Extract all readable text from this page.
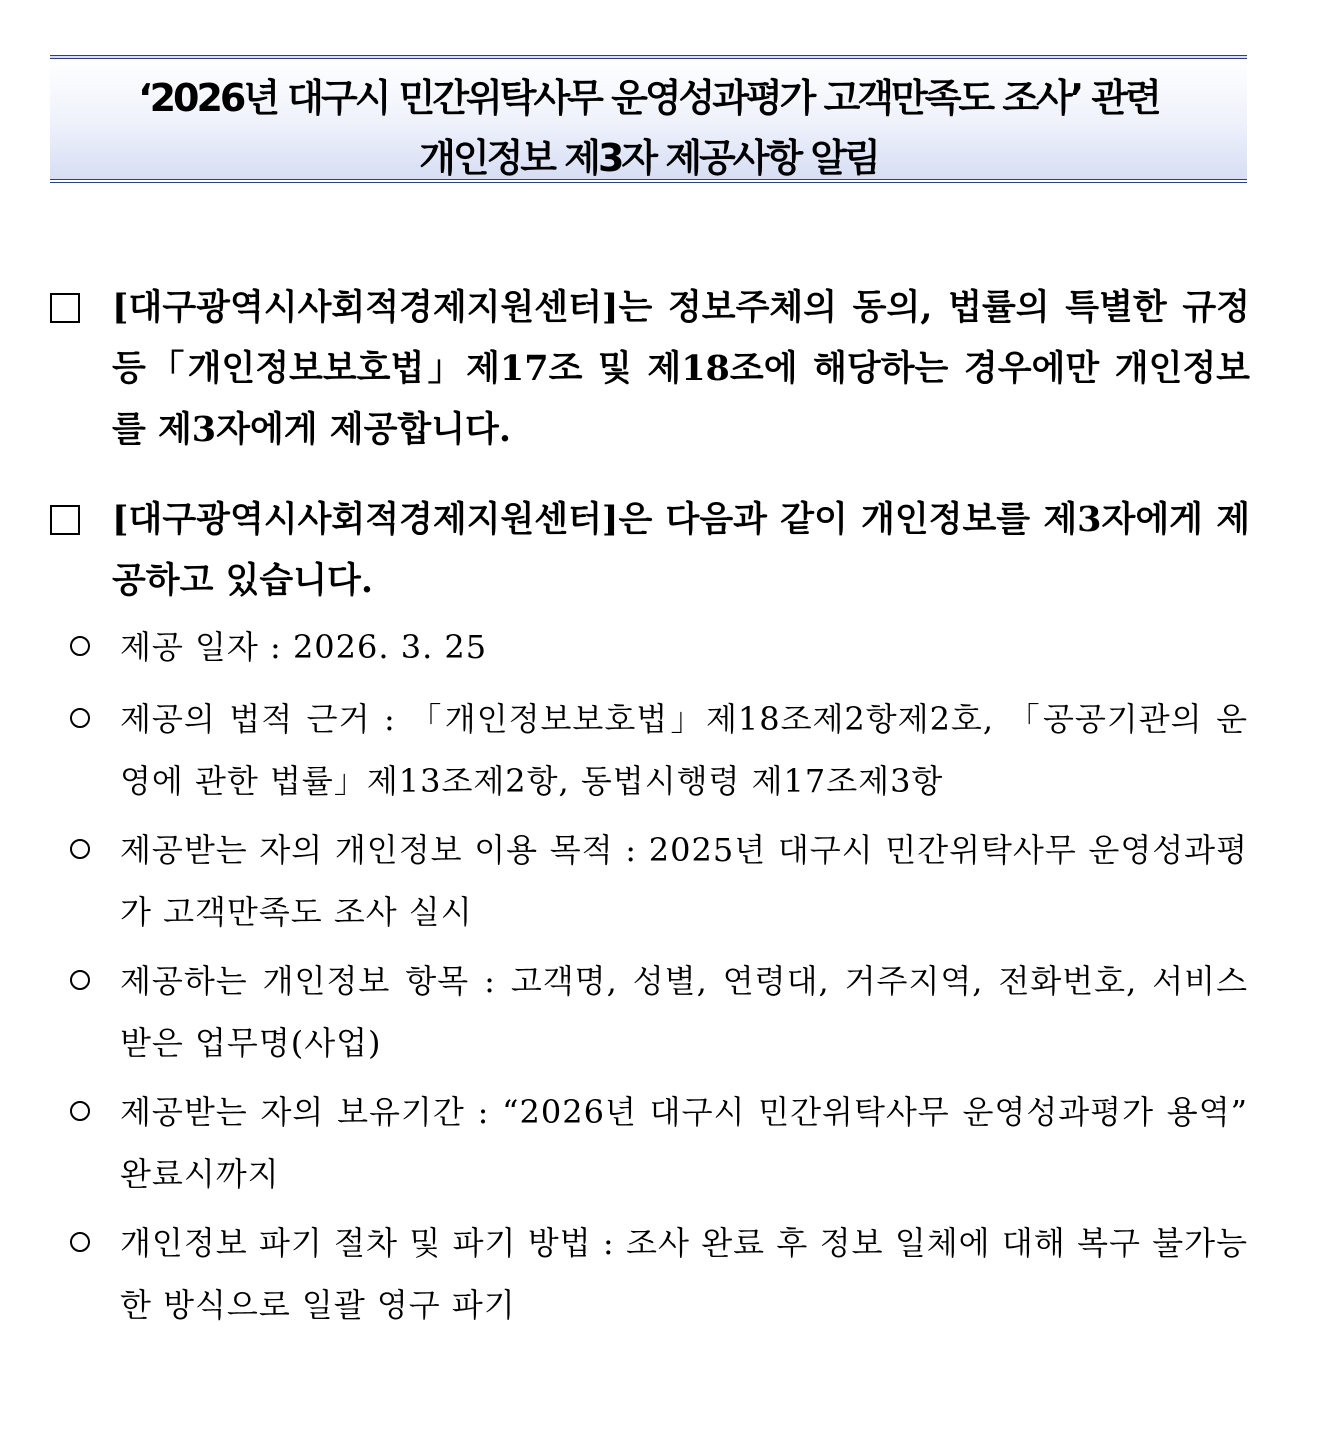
‘2026년 대구시 민간위탁사무 운영성과평가 고객만족도 조사’ 관련
개인정보 제3자 제공사항 알림
[대구광역시사회적경제지원센터]는 정보주체의 동의, 법률의 특별한 규정 등「개인정보보호법」제17조 및 제18조에 해당하는 경우에만 개인정보를 제3자에게 제공합니다.
[대구광역시사회적경제지원센터]은 다음과 같이 개인정보를 제3자에게 제공하고 있습니다.
제공 일자 : 2026. 3. 25
제공의 법적 근거 : 「개인정보보호법」제18조제2항제2호, 「공공기관의 운영에 관한 법률」제13조제2항, 동법시행령 제17조제3항
제공받는 자의 개인정보 이용 목적 : 2025년 대구시 민간위탁사무 운영성과평가 고객만족도 조사 실시
제공하는 개인정보 항목 : 고객명, 성별, 연령대, 거주지역, 전화번호, 서비스 받은 업무명(사업)
제공받는 자의 보유기간 : “2026년 대구시 민간위탁사무 운영성과평가 용역” 완료시까지
개인정보 파기 절차 및 파기 방법 : 조사 완료 후 정보 일체에 대해 복구 불가능한 방식으로 일괄 영구 파기
